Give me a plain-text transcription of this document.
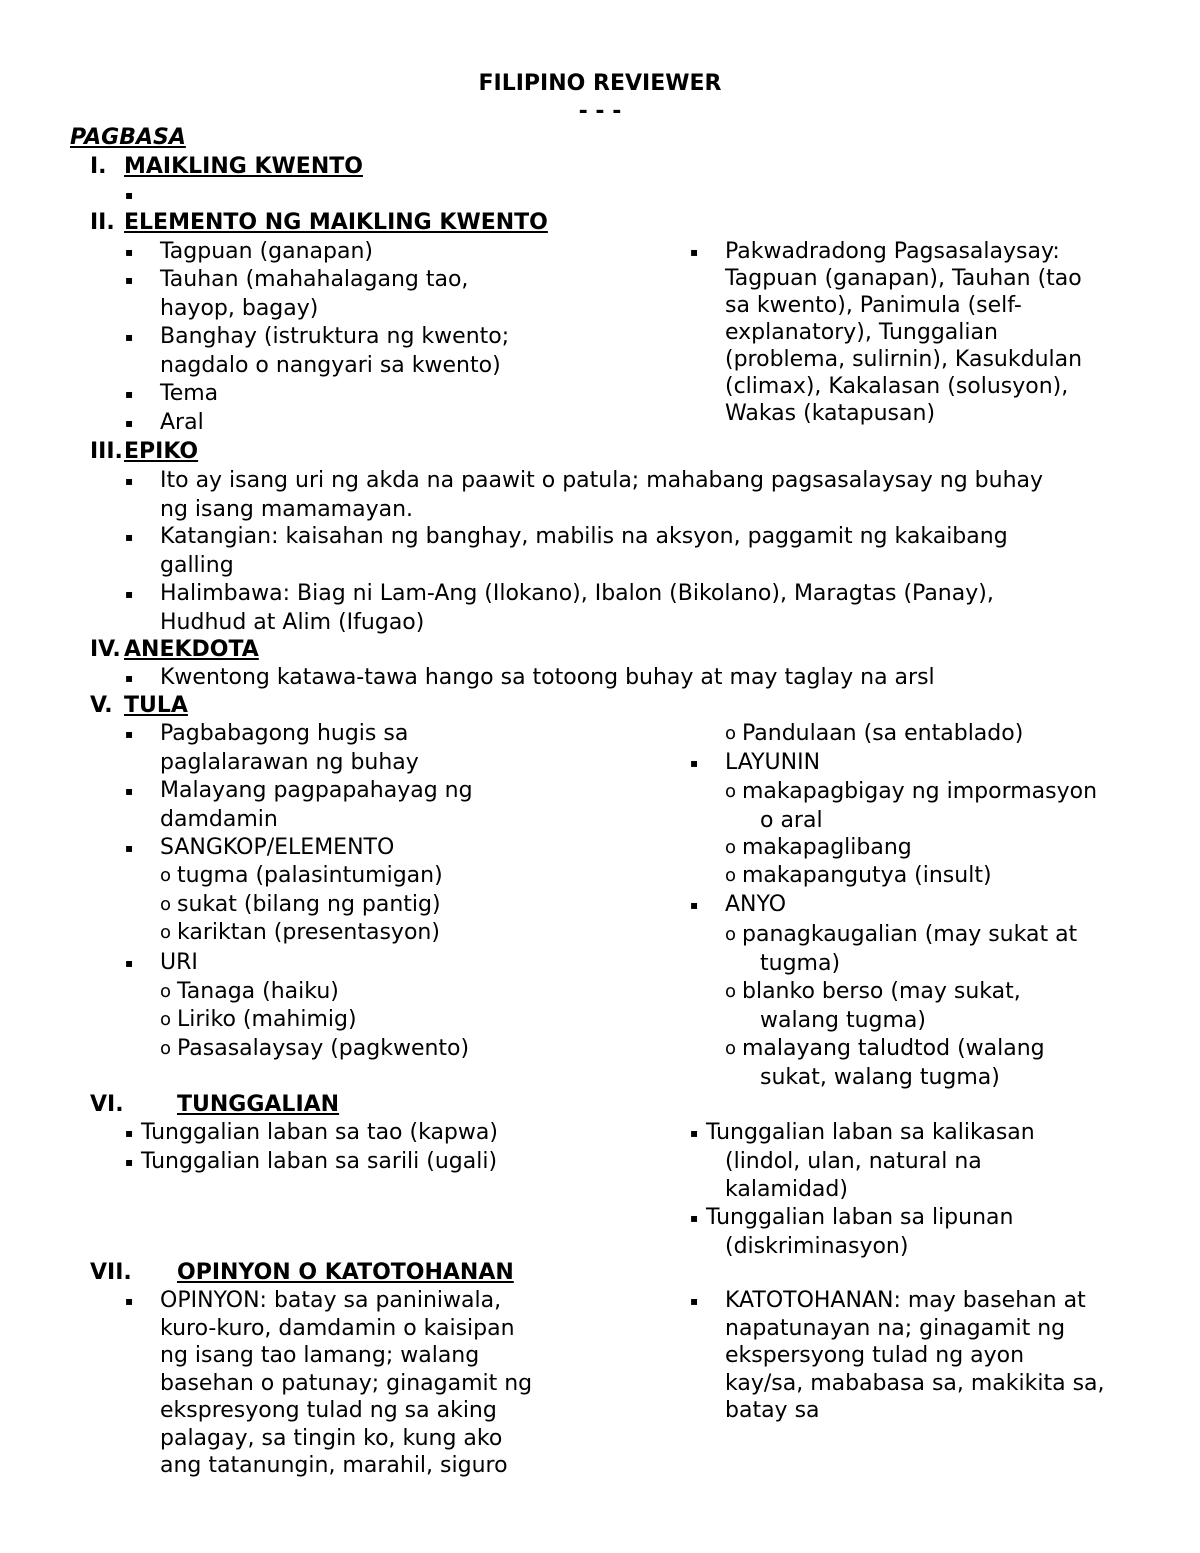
FILIPINO REVIEWER
- - -
PAGBASA
I. MAIKLING KWENTO
▪
II. ELEMENTO NG MAIKLING KWENTO
▪ Tagpuan (ganapan)
▪ Tauhan (mahahalagang tao,
hayop, bagay)
▪ Banghay (istruktura ng kwento;
nagdalo o nangyari sa kwento)
▪ Tema
▪ Aral
▪ Pakwadradong Pagsasalaysay:
Tagpuan (ganapan), Tauhan (tao
sa kwento), Panimula (self-
explanatory), Tunggalian
(problema, sulirnin), Kasukdulan
(climax), Kakalasan (solusyon),
Wakas (katapusan)
III. EPIKO
▪ Ito ay isang uri ng akda na paawit o patula; mahabang pagsasalaysay ng buhay
ng isang mamamayan.
▪ Katangian: kaisahan ng banghay, mabilis na aksyon, paggamit ng kakaibang
galling
▪ Halimbawa: Biag ni Lam-Ang (Ilokano), Ibalon (Bikolano), Maragtas (Panay),
Hudhud at Alim (Ifugao)
IV. ANEKDOTA
▪ Kwentong katawa-tawa hango sa totoong buhay at may taglay na arsl
V. TULA
▪ Pagbabagong hugis sa
paglalarawan ng buhay
▪ Malayang pagpapahayag ng
damdamin
▪ SANGKOP/ELEMENTO
o tugma (palasintumigan)
o sukat (bilang ng pantig)
o kariktan (presentasyon)
▪ URI
o Tanaga (haiku)
o Liriko (mahimig)
o Pasasalaysay (pagkwento)
o Pandulaan (sa entablado)
▪ LAYUNIN
o makapagbigay ng impormasyon
o aral
o makapaglibang
o makapangutya (insult)
▪ ANYO
o panagkaugalian (may sukat at
tugma)
o blanko berso (may sukat,
walang tugma)
o malayang taludtod (walang
sukat, walang tugma)
VI. TUNGGALIAN
▪ Tunggalian laban sa tao (kapwa)
▪ Tunggalian laban sa sarili (ugali)
▪ Tunggalian laban sa kalikasan
(lindol, ulan, natural na
kalamidad)
▪ Tunggalian laban sa lipunan
(diskriminasyon)
VII. OPINYON O KATOTOHANAN
▪ OPINYON: batay sa paniniwala,
kuro-kuro, damdamin o kaisipan
ng isang tao lamang; walang
basehan o patunay; ginagamit ng
ekspresyong tulad ng sa aking
palagay, sa tingin ko, kung ako
ang tatanungin, marahil, siguro
▪ KATOTOHANAN: may basehan at
napatunayan na; ginagamit ng
ekspersyong tulad ng ayon
kay/sa, mababasa sa, makikita sa,
batay sa
